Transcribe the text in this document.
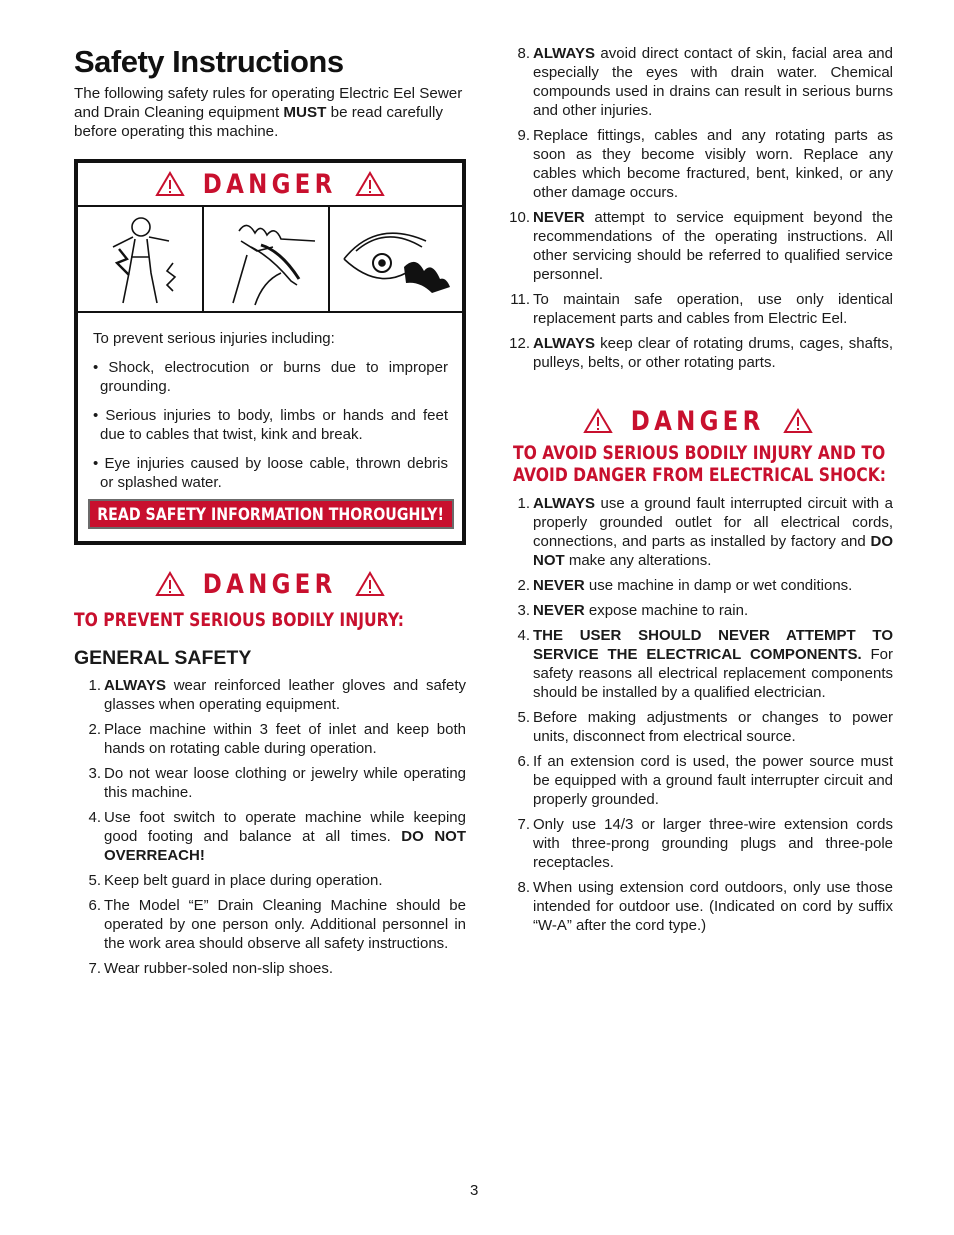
Safety Instructions

The following safety rules for operating Electric Eel Sewer and Drain Cleaning equipment MUST be read carefully before operating this machine.

DANGER

To prevent serious injuries including:

• Shock, electrocution or burns due to improper grounding.

• Serious injuries to body, limbs or hands and feet due to cables that twist, kink and break.

• Eye injuries caused by loose cable, thrown debris or splashed water.

READ SAFETY INFORMATION THOROUGHLY!
DANGER
TO PREVENT SERIOUS BODILY INJURY:
GENERAL SAFETY
1. ALWAYS wear reinforced leather gloves and safety glasses when operating equipment.
2. Place machine within 3 feet of inlet and keep both hands on rotating cable during operation.
3. Do not wear loose clothing or jewelry while operating this machine.
4. Use foot switch to operate machine while keeping good footing and balance at all times. DO NOT OVERREACH!
5. Keep belt guard in place during operation.
6. The Model “E” Drain Cleaning Machine should be operated by one person only. Additional personnel in the work area should observe all safety instructions.
7. Wear rubber-soled non-slip shoes.
8. ALWAYS avoid direct contact of skin, facial area and especially the eyes with drain water. Chemical compounds used in drains can result in serious burns and other injuries.
9. Replace fittings, cables and any rotating parts as soon as they become visibly worn. Replace any cables which become fractured, bent, kinked, or any other damage occurs.
10. NEVER attempt to service equipment beyond the recommendations of the operating instructions. All other servicing should be referred to qualified service personnel.
11. To maintain safe operation, use only identical replacement parts and cables from Electric Eel.
12. ALWAYS keep clear of rotating drums, cages, shafts, pulleys, belts, or other rotating parts.
DANGER
TO AVOID SERIOUS BODILY INJURY AND TO
AVOID DANGER FROM ELECTRICAL SHOCK:
1. ALWAYS use a ground fault interrupted circuit with a properly grounded outlet for all electrical cords, connections, and parts as installed by factory and DO NOT make any alterations.
2. NEVER use machine in damp or wet conditions.
3. NEVER expose machine to rain.
4. THE USER SHOULD NEVER ATTEMPT TO SERVICE THE ELECTRICAL COMPONENTS. For safety reasons all electrical replacement components should be installed by a qualified electrician.
5. Before making adjustments or changes to power units, disconnect from electrical source.
6. If an extension cord is used, the power source must be equipped with a ground fault interrupter circuit and properly grounded.
7. Only use 14/3 or larger three-wire extension cords with three-prong grounding plugs and three-pole receptacles.
8. When using extension cord outdoors, only use those intended for outdoor use. (Indicated on cord by suffix “W-A” after the cord type.)
3
